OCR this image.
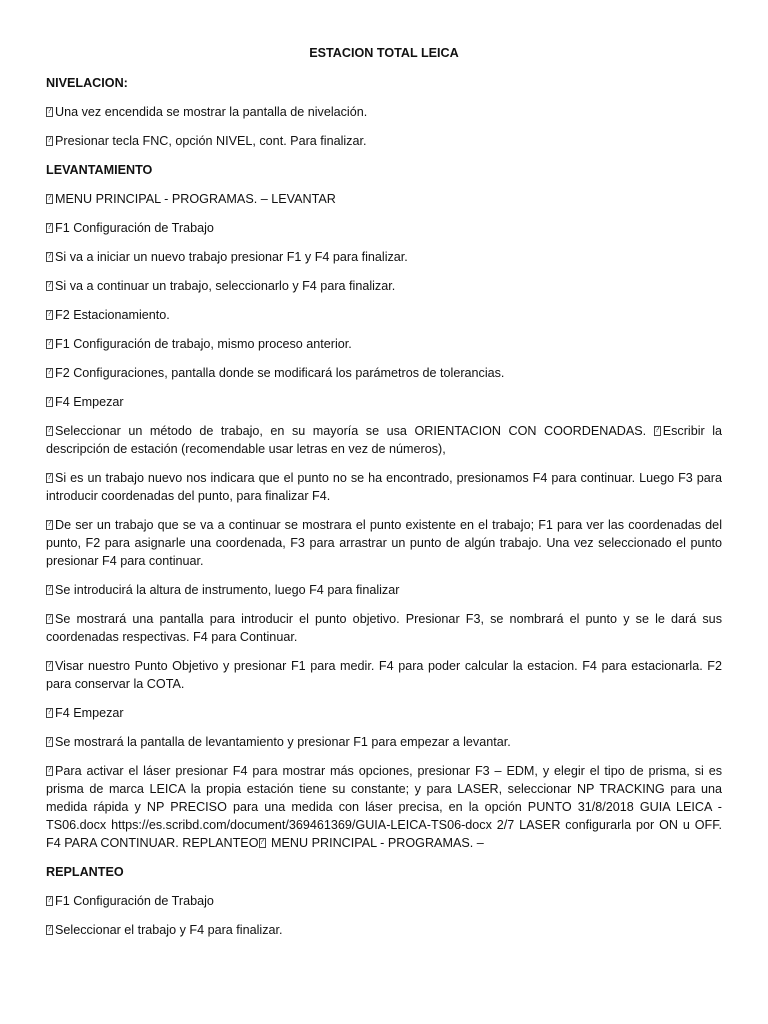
ESTACION TOTAL LEICA
NIVELACION:
?Una vez encendida se mostrar la pantalla de nivelación.
?Presionar tecla FNC, opción NIVEL, cont. Para finalizar.
LEVANTAMIENTO
?MENU PRINCIPAL - PROGRAMAS. – LEVANTAR
?F1 Configuración de Trabajo
?Si va a iniciar un nuevo trabajo presionar F1 y F4 para finalizar.
?Si va a continuar un trabajo, seleccionarlo y F4 para finalizar.
?F2 Estacionamiento.
?F1 Configuración de trabajo, mismo proceso anterior.
?F2 Configuraciones, pantalla donde se modificará los parámetros de tolerancias.
?F4 Empezar
?Seleccionar un método de trabajo, en su mayoría se usa ORIENTACION CON COORDENADAS. ? Escribir la descripción de estación (recomendable usar letras en vez de números),
?Si es un trabajo nuevo nos indicara que el punto no se ha encontrado, presionamos F4 para continuar. Luego F3 para introducir coordenadas del punto, para finalizar F4.
?De ser un trabajo que se va a continuar se mostrara el punto existente en el trabajo; F1 para ver las coordenadas del punto, F2 para asignarle una coordenada, F3 para arrastrar un punto de algún trabajo. Una vez seleccionado el punto presionar F4 para continuar.
?Se introducirá la altura de instrumento, luego F4 para finalizar
?Se mostrará una pantalla para introducir el punto objetivo. Presionar F3, se nombrará el punto y se le dará sus coordenadas respectivas. F4 para Continuar.
?Visar nuestro Punto Objetivo y presionar F1 para medir. F4 para poder calcular la estacion. F4 para estacionarla. F2 para conservar la COTA.
?F4 Empezar
?Se mostrará la pantalla de levantamiento y presionar F1 para empezar a levantar.
?Para activar el láser presionar F4 para mostrar más opciones, presionar F3 – EDM, y elegir el tipo de prisma, si es prisma de marca LEICA la propia estación tiene su constante; y para LASER, seleccionar NP TRACKING para una medida rápida y NP PRECISO para una medida con láser precisa, en la opción PUNTO 31/8/2018 GUIA LEICA - TS06.docx https://es.scribd.com/document/369461369/GUIA-LEICA-TS06-docx 2/7 LASER configurarla por ON u OFF. F4 PARA CONTINUAR. REPLANTEO ? MENU PRINCIPAL - PROGRAMAS. –
REPLANTEO
?F1 Configuración de Trabajo
?Seleccionar el trabajo y F4 para finalizar.
